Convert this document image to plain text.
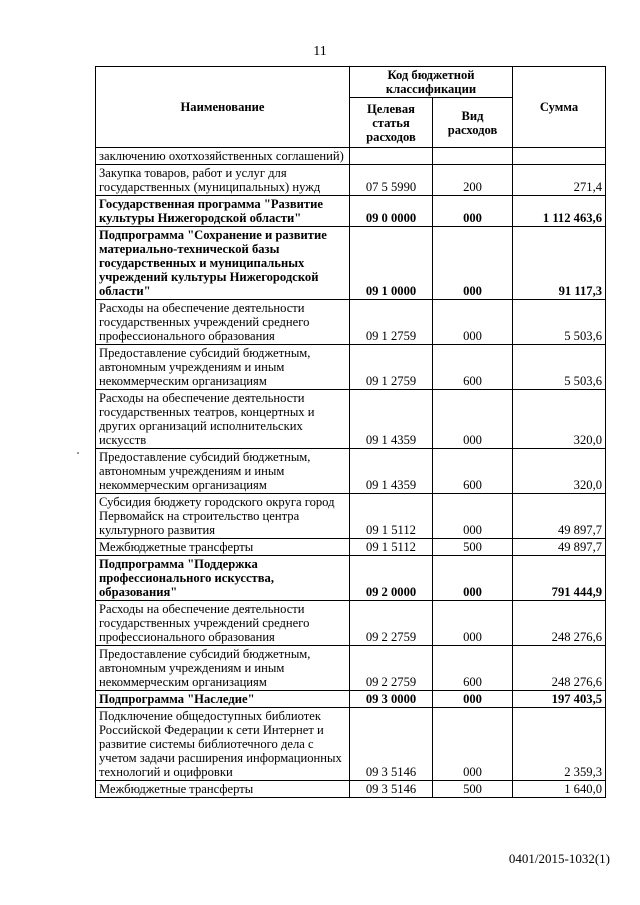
11
Наименование	Код бюджетной классификации		Сумма
	Целевая статья расходов	Вид расходов	
заключению охотхозяйственных соглашений)			
Закупка товаров, работ и услуг для государственных (муниципальных) нужд	07 5 5990	200	271,4
Государственная программа "Развитие культуры Нижегородской области"	09 0 0000	000	1 112 463,6
Подпрограмма "Сохранение и развитие материально-технической базы государственных и муниципальных учреждений культуры Нижегородской области"	09 1 0000	000	91 117,3
Расходы на обеспечение деятельности государственных учреждений среднего профессионального образования	09 1 2759	000	5 503,6
Предоставление субсидий бюджетным, автономным учреждениям и иным некоммерческим организациям	09 1 2759	600	5 503,6
Расходы на обеспечение деятельности государственных театров, концертных и других организаций исполнительских искусств	09 1 4359	000	320,0
Предоставление субсидий бюджетным, автономным учреждениям и иным некоммерческим организациям	09 1 4359	600	320,0
Субсидия бюджету городского округа город Первомайск на строительство центра культурного развития	09 1 5112	000	49 897,7
Межбюджетные трансферты	09 1 5112	500	49 897,7
Подпрограмма "Поддержка профессионального искусства, образования"	09 2 0000	000	791 444,9
Расходы на обеспечение деятельности государственных учреждений среднего профессионального образования	09 2 2759	000	248 276,6
Предоставление субсидий бюджетным, автономным учреждениям и иным некоммерческим организациям	09 2 2759	600	248 276,6
Подпрограмма "Наследие"	09 3 0000	000	197 403,5
Подключение общедоступных библиотек Российской Федерации к сети Интернет и развитие системы библиотечного дела с учетом задачи расширения информационных технологий и оцифровки	09 3 5146	000	2 359,3
Межбюджетные трансферты	09 3 5146	500	1 640,0
0401/2015-1032(1)
